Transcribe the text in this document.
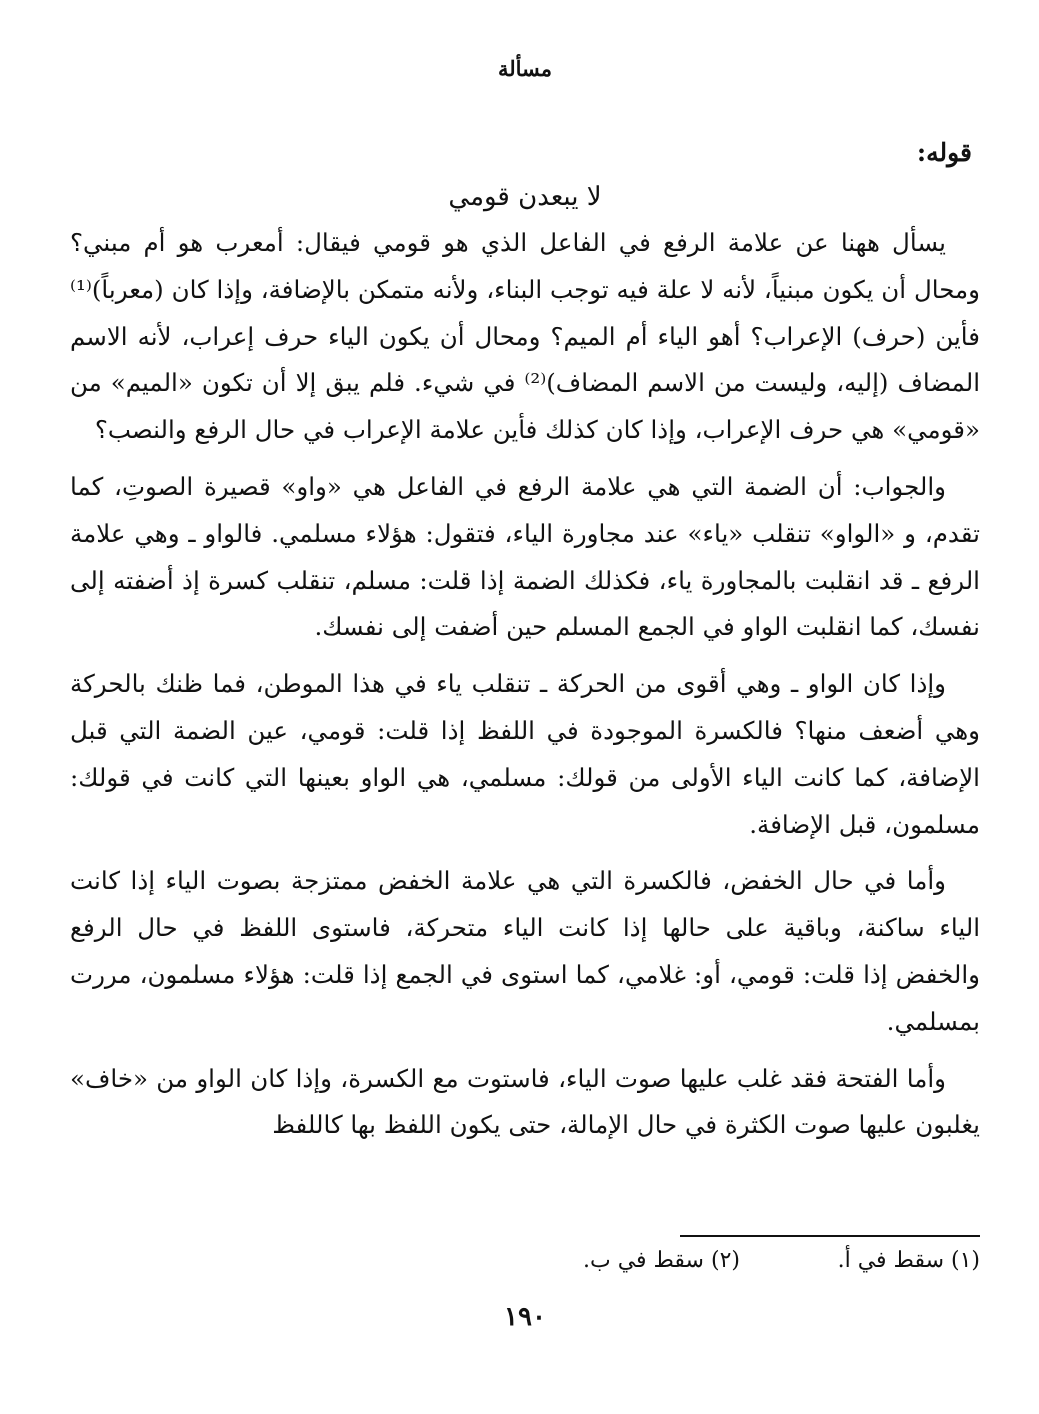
مسألة
قوله:
لا يبعدن قومي

يسأل ههنا عن علامة الرفع في الفاعل الذي هو قومي فيقال: أمعرب هو أم مبني؟ ومحال أن يكون مبنياً، لأنه لا علة فيه توجب البناء، ولأنه متمكن بالإضافة، وإذا كان (معرباً)⁽¹⁾ فأين (حرف) الإعراب؟ أهو الياء أم الميم؟ ومحال أن يكون الياء حرف إعراب، لأنه الاسم المضاف (إليه، وليست من الاسم المضاف)⁽²⁾ في شيء. فلم يبق إلا أن تكون «الميم» من «قومي» هي حرف الإعراب، وإذا كان كذلك فأين علامة الإعراب في حال الرفع والنصب؟

والجواب: أن الضمة التي هي علامة الرفع في الفاعل هي «واو» قصيرة الصوتِ، كما تقدم، و «الواو» تنقلب «ياء» عند مجاورة الياء، فتقول: هؤلاء مسلمي. فالواو ـ وهي علامة الرفع ـ قد انقلبت بالمجاورة ياء، فكذلك الضمة إذا قلت: مسلم، تنقلب كسرة إذ أضفته إلى نفسك، كما انقلبت الواو في الجمع المسلم حين أضفت إلى نفسك.

وإذا كان الواو ـ وهي أقوى من الحركة ـ تنقلب ياء في هذا الموطن، فما ظنك بالحركة وهي أضعف منها؟ فالكسرة الموجودة في اللفظ إذا قلت: قومي، عين الضمة التي قبل الإضافة، كما كانت الياء الأولى من قولك: مسلمي، هي الواو بعينها التي كانت في قولك: مسلمون، قبل الإضافة.

وأما في حال الخفض، فالكسرة التي هي علامة الخفض ممتزجة بصوت الياء إذا كانت الياء ساكنة، وباقية على حالها إذا كانت الياء متحركة، فاستوى اللفظ في حال الرفع والخفض إذا قلت: قومي، أو: غلامي، كما استوى في الجمع إذا قلت: هؤلاء مسلمون، مررت بمسلمي.

وأما الفتحة فقد غلب عليها صوت الياء، فاستوت مع الكسرة، وإذا كان الواو من «خاف» يغلبون عليها صوت الكثرة في حال الإمالة، حتى يكون اللفظ بها كاللفظ

(١) سقط في أ.
(٢) سقط في ب.
١٩٠
